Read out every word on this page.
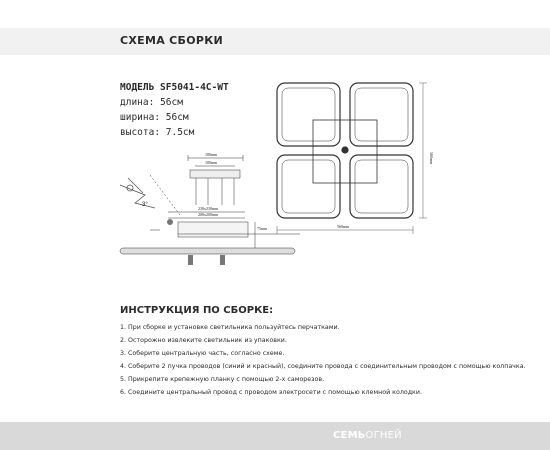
СХЕМА СБОРКИ
МОДЕЛЬ SF5041-4C-WT
длина: 56см
ширина: 56см
высота: 7.5см
560mm
560mm
180mm
100mm
230x230mm
200x200mm
75mm
3°
ИНСТРУКЦИЯ ПО СБОРКЕ:
1. При сборке и установке светильника пользуйтесь перчатками.
2. Осторожно извлеките светильник из упаковки.
3. Соберите центральную часть, согласно схеме.
4. Соберите 2 пучка проводов (синий и красный), соедините провода с соединительным проводом с помощью колпачка.
5. Прикрепите крепежную планку с помощью 2-х саморезов.
6. Соедините центральный провод с проводом электросети с помощью клемной колодки.
СЕМЬОГНЕЙ
